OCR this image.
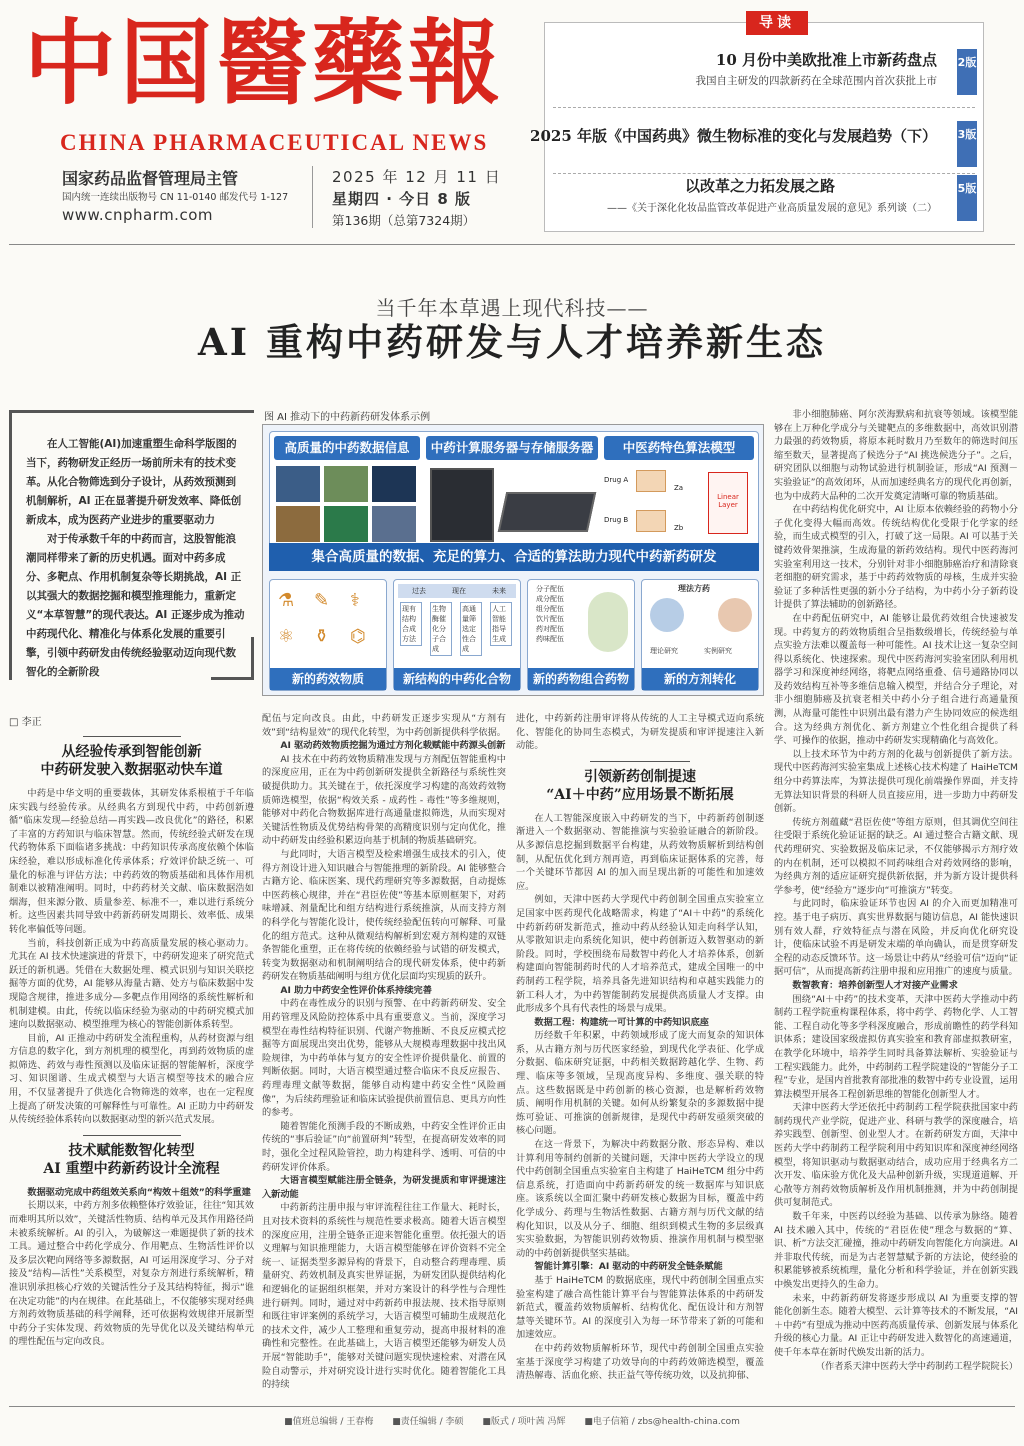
中国醫藥報
CHINA PHARMACEUTICAL NEWS
国家药品监督管理局主管
国内统一连续出版物号 CN 11-0140 邮发代号 1-127
www.cnpharm.com
2025 年 12 月 11 日
星期四 · 今日 8 版
第136期（总第7324期）
导读
10 月份中美欧批准上市新药盘点
我国自主研发的四款新药在全球范围内首次获批上市
2版
2025 年版《中国药典》微生物标准的变化与发展趋势（下） 3版
以改革之力拓发展之路
——《关于深化化妆品监管改革促进产业高质量发展的意见》系列谈（二）
5版
当千年本草遇上现代科技——
AI 重构中药研发与人才培养新生态

在人工智能(AI)加速重塑生命科学版图的当下，药物研发正经历一场前所未有的技术变革。从化合物筛选到分子设计，从药效预测到机制解析，AI 正在显著提升研发效率、降低创新成本，成为医药产业进步的重要驱动力

对于传承数千年的中药而言，这股智能浪潮同样带来了新的历史机遇。面对中药多成分、多靶点、作用机制复杂等长期挑战，AI 正以其强大的数据挖掘和模型推理能力，重新定义“本草智慧”的现代表达。AI 正逐步成为推动中药现代化、精准化与体系化发展的重要引擎，引领中药研发由传统经验驱动迈向现代数智化的全新阶段

□ 李正
图 AI 推动下的中药新药研发体系示例
高质量的中药数据信息	中药计算服务器与存储服务器	中医药特色算法模型
Drug A
Drug B
Za
Zb
Linear Layer
集合高质量的数据、充足的算力、合适的算法助力现代中药新药研发
⚗ ✎ ⚕
⚛ ⚱ ⌬
新的药效物质
过去	现在	未来
现有结构合成方法
生物酶催化分子合成
高通量筛选定性合成
人工智能指导生成
新结构的中药化合物
分子配伍
成分配伍
组分配伍
饮片配伍
药对配伍
药味配伍
新的药物组合药物
理法方药
理论研究	实例研究
新的方剂转化

非小细胞肺癌、阿尔茨海默病和抗衰等领域。该模型能够在上万种化学成分与关键靶点的多维数据中，高效识别潜力最强的药效物质，将原本耗时数月乃至数年的筛选时间压缩至数天，显著提高了候选分子“AI 挑选候选分子”。之后，研究团队以细胞与动物试验进行机制验证，形成“AI 预测－实验验证”的高效闭环，从而加速经典名方的现代化再创新，也为中成药大品种的二次开发奠定清晰可靠的物质基础。

在中药结构优化研究中，AI 让原本依赖经验的药物小分子优化变得大幅而高效。传统结构优化受限于化学家的经验，而生成式模型的引入，打破了这一局限。AI 可以基于关键药效骨架推演，生成海量的新药效结构。现代中医药海河实验室利用这一技术，分别针对非小细胞肺癌治疗和清除衰老细胞的研究需求，基于中药药效物质的母核，生成并实验验证了多种活性更强的新小分子结构，为中药小分子新药设计提供了算法辅助的创新路径。

在中药配伍研究中，AI 能够让最优药效组合快速被发现。中药复方的药效物质组合呈指数级增长，传统经验与单点实验方法难以覆盖每一种可能性。AI 技术让这一复杂空间得以系统化、快速探索。现代中医药海河实验室团队利用机器学习和深度神经网络，将靶点网络重叠、信号通路协同以及药效结构互补等多维信息输入模型，并结合分子理论，对非小细胞肺癌及抗衰老相关中药小分子组合进行高通量预测，从海量可能性中识别出最有潜力产生协同效应的候选组合。这为经典方剂优化、新方剂建立个性化组合提供了科学、可操作的依据，推动中药研发实现精确化与高效化。

以上技术环节为中药方剂的化裁与创新提供了新方法。现代中医药海河实验室集成上述核心技术构建了 HaiHeTCM 组分中药算法库，为算法提供可现化前端操作界面，并支持无算法知识背景的科研人员直接应用，进一步助力中药研发创新。

传统方剂蕴藏“君臣佐使”等组方原则，但其调优空间往往受限于系统化验证证据的缺乏。AI 通过整合古籍文献、现代药理研究、实验数据及临床记录，不仅能够揭示方剂疗效的内在机制，还可以模拟不同药味组合对药效网络的影响，为经典方剂的适应证研究提供新依据，并为新方设计提供科学参考，使“经验方”逐步向“可推演方”转变。

与此同时，临床验证环节也因 AI 的介入而更加精准可控。基于电子病历、真实世界数据与随访信息，AI 能快速识别有效人群，疗效特征点与潜在风险，并反向优化研究设计，使临床试验不再是研发末端的单向确认，而是贯穿研发全程的动态反馈环节。这一场景让中药从“经验可信”迈向“证据可信”，从而提高新药注册申报和应用推广的速度与质量。

数智教育：培养创新型人才对接产业需求

围绕“AI＋中药”的技术变革，天津中医药大学推动中药制药工程学院重构课程体系，将中药学、药物化学、人工智能、工程自动化等多学科深度融合，形成前瞻性的药学科知识体系；建设国家级虚拟仿真实验室和教育部虚拟教研室，在教学化环境中，培养学生同时具备算法解析、实验验证与工程实践能力。此外，中药制药工程学院建设的“智能分子工程”专业，是国内首批教育部批准的数智中药专业设置，运用算法模型开展各工程创新思维的智能化创新型人才。

天津中医药大学还依托中药制药工程学院获批国家中药制药现代产业学院，促进产业、科研与教学的深度融合，培养实践型、创新型、创业型人才。在新药研发方面，天津中医药大学中药制药工程学院利用中药知识库和深度神经网络模型，将知识驱动与数据驱动结合，成功应用于经典名方二次开发、临床验方优化及大品种创新升级，实现道道解、开心散等方剂药效物质解析及作用机制推测，并为中药创制提供可复制范式。

数千年来，中医药以经验为基础、以传承为脉络。随着 AI 技术融入其中，传统的“君臣佐使”理念与数据的“算、识、析”方法交汇碰撞，推动中药研发向智能化方向演进。AI 并非取代传统，而是为古老智慧赋予新的方法论，使经验的积累能够被系统梳理，量化分析和科学验证，并在创新实践中焕发出更持久的生命力。

未来，中药新药研发将逐步形成以 AI 为重要支撑的智能化创新生态。随着大模型、云计算等技术的不断发展，“AI＋中药”有望成为推动中医药高质量传承、创新发展与体系化升级的核心力量。AI 正让中药研发进入数智化的高速通道，使千年本草在新时代焕发出新的活力。

（作者系天津中医药大学中药制药工程学院院长）

从经验传承到智能创新
中药研发驶入数据驱动快车道

中药是中华文明的重要载体，其研发体系根植于千年临床实践与经验传承。从经典名方到现代中药，中药创新遵循“临床发现—经验总结—再实践—改良优化”的路径，积累了丰富的方药知识与临床智慧。然而，传统经验式研发在现代药物体系下面临诸多挑战：中药知识传承高度依赖个体临床经验，难以形成标准化传承体系；疗效评价缺乏统一、可量化的标准与评估方法；中药药效的物质基础和具体作用机制难以被精准阐明。同时，中药药材关文献、临床数据浩如烟海，但来源分散、质量参差、标准不一，难以进行系统分析。这些因素共同导致中药新药研发周期长、效率低、成果转化率偏低等问题。

当前，科技创新正成为中药高质量发展的核心驱动力。尤其在 AI 技术快速演进的背景下，中药研发迎来了研究范式跃迁的新机遇。凭借在大数据处理、模式识别与知识关联挖掘等方面的优势，AI 能够从海量古籍、处方与临床数据中发现隐含规律，推进多成分—多靶点作用网络的系统性解析和机制建模。由此，传统以临床经验为驱动的中药研究模式加速向以数据驱动、模型推理为核心的智能创新体系转型。

目前，AI 正推动中药研发全流程重构，从药材资源与组方信息的数字化，到方剂机理的模型化，再到药效物质的虚拟筛选、药效与毒性预测以及临床证据的智能解析，深度学习、知识图谱、生成式模型与大语言模型等技术的融合应用，不仅显著提升了供选化合物筛选的效率，也在一定程度上提高了研发决策的可解释性与可靠性。AI 正助力中药研发从传统经验体系转向以数据驱动型的新兴范式发展。

技术赋能数智化转型
AI 重塑中药新药设计全流程

数据驱动完成中药组效关系向“构效＋组效”的科学重建

长期以来，中药方剂多依赖整体疗效验证，往往“知其效而难明其所以效”，关键活性物质、结构单元及其作用路径尚未被系统解析。AI 的引入，为破解这一难题提供了新的技术工具。通过整合中药化学成分、作用靶点、生物活性评价以及多层次靶向网络等多源数据，AI 可运用深度学习、分子对接及“结构—活性”关系模型，对复杂方剂进行系统解析，精准识别承担核心疗效的关键活性分子及其结构特征，揭示“谁在决定功能”的内在规律。在此基础上，不仅能够实现对经典方剂药效物质基础的科学阐释，还可依据构效规律开展新型中药分子实体发现、药效物质的先导优化以及关键结构单元的理性配伍与定向改良。

配伍与定向改良。由此，中药研发正逐步实现从“方剂有效”到“结构显效”的现代化转型，为中药创新提供科学依据。

AI 驱动药效物质挖掘为通过方剂化载赋能中药源头创新

AI 技术在中药药效物质精准发现与方剂配伍智能重构中的深度应用，正在为中药创新研发提供全新路径与系统性突破提供助力。其关键在于，依托深度学习构建的高效药效物质筛选模型，依据“构效关系 - 成药性 - 毒性”等多维规则，能够对中药化合物数据库进行高通量虚拟筛选，从而实现对关键活性物质及优势结构骨架的高精度识别与定向优化，推动中药研发由经验积累迈向基于机制的物质基础研究。

与此同时，大语言模型及检索增强生成技术的引入，使得方剂设计进入知识融合与智能推理的新阶段。AI 能够整合古籍方论、临床医案、现代药理研究等多源数据，自动提炼中医药核心规律，并在“君臣佐使”等基本原则框架下，对药味增减、剂量配比和组方结构进行系统推演，从而支持方剂的科学化与智能化设计，使传统经验配伍转向可解释、可量化的组方范式。这种从微观结构解析到宏观方剂构建的双链条智能化重塑，正在将传统的依赖经验与试错的研发模式，转变为数据驱动和机制阐明结合的现代研发体系，使中药新药研发在物质基础阐明与组方优化层面均实现质的跃升。

AI 助力中药安全性评价体系持续完善

中药在毒性成分的识别与预警、在中药新药研发、安全用药管理及风险防控体系中具有重要意义。当前，深度学习模型在毒性结构特征识别、代谢产物推断、不良反应模式挖掘等方面展现出突出优势，能够从大规模毒理数据中找出风险规律，为中药单体与复方的安全性评价提供量化、前置的判断依据。同时，大语言模型通过整合临床不良反应报告、药理毒理文献等数据，能够自动构建中药安全性“风险画像”，为后续药理验证和临床试验提供前置信息、更具方向性的参考。

随着智能化预测手段的不断成熟，中药安全性评价正由传统的“事后验证”向“前置研判”转型，在提高研发效率的同时，强化全过程风险管控，助力构建科学、透明、可信的中药研发评价体系。

大语言模型赋能注册全链条，为研发提质和审评提速注入新动能

中药新药注册申报与审评流程往往工作量大、耗时长，且对技术资料的系统性与规范性要求极高。随着大语言模型的深度应用，注册全链条正迎来智能化重塑。依托强大的语义理解与知识推理能力，大语言模型能够在评价资料不完全统一、证据类型多源异构的背景下，自动整合药理毒理、质量研究、药效机制及真实世界证据，为研发团队提供结构化和逻辑化的证据组织框架，并对方案设计的科学性与合理性进行研判。同时，通过对中药新药申报法规、技术指导原则和既往审评案例的系统学习，大语言模型可辅助生成规范化的技术文件，减少人工整理和重复劳动，提高申报材料的准确性和完整性。在此基础上，大语言模型还能够为研发人员开展“智能助手”，能够对关键问题实现快速检索、对潜在风险自动警示，并对研究设计进行实时优化。随着智能化工具的持续

进化，中药新药注册审评将从传统的人工主导模式迈向系统化、智能化的协同生态模式，为研发提质和审评提速注入新动能。

引领新药创制提速
“AI＋中药”应用场景不断拓展

在人工智能深度嵌入中药研发的当下，中药新药创制逐渐进入一个数据驱动、智能推演与实验验证融合的新阶段。从多源信息挖掘到数据平台构建，从药效物质解析到结构创制，从配伍优化到方剂再造，再到临床证据体系的完善，每一个关键环节都因 AI 的加入而呈现出新的可能性和加速效应。

例如，天津中医药大学现代中药创制全国重点实验室立足国家中医药现代化战略需求，构建了“AI＋中药”的系统化中药新药研发新范式，推动中药从经验认知走向科学认知，从零散知识走向系统化知识，使中药创新迈入数智驱动的新阶段。同时，学校围绕布局数智中药化人才培养体系，创新构建面向智能制药时代的人才培养范式，建成全国唯一的中药制药工程学院，培养具备先进知识结构和卓越实践能力的新工科人才，为中药智能制药发展提供高质量人才支撑。由此形成多个具有代表性的场景与成果。

数据工程：构建统一可计算的中药知识底座

历经数千年积累，中药领域形成了庞大而复杂的知识体系，从古籍方剂与历代医家经验，到现代化学表征、化学成分数据、临床研究证据，中药相关数据跨越化学、生物、药理、临床等多领域，呈现高度异构、多维度、强关联的特点。这些数据既是中药创新的核心资源，也是解析药效物质、阐明作用机制的关键。如何从纷繁复杂的多源数据中提炼可验证、可推演的创新规律，是现代中药研发亟须突破的核心问题。

在这一背景下，为解决中药数据分散、形态异构、难以计算利用等制约创新的关键问题，天津中医药大学设立的现代中药创制全国重点实验室自主构建了 HaiHeTCM 组分中药信息系统，打造面向中药新药研发的统一数据库与知识底座。该系统以全面汇聚中药研发核心数据为目标，覆盖中药化学成分、药理与生物活性数据、古籍方剂与历代文献的结构化知识，以及从分子、细胞、组织到模式生物的多层级真实实验数据，为智能识别药效物质、推演作用机制与模型驱动的中药创新提供坚实基础。

智能计算引擎：AI 驱动的中药研发全链条赋能

基于 HaiHeTCM 的数据底座，现代中药创制全国重点实验室构建了融合高性能计算平台与智能算法体系的中药研发新范式，覆盖药效物质解析、结构优化、配伍设计和方剂智慧等关键环节。AI 的深度引入为每一环节带来了新的可能和加速效应。

在中药药效物质解析环节，现代中药创制全国重点实验室基于深度学习构建了功效导向的中药药效筛选模型，覆盖清热解毒、活血化瘀、扶正益气等传统功效，以及抗抑郁、

■值班总编辑 / 王春梅 ■责任编辑 / 李硕 ■版式 / 项叶茜 冯辉 ■电子信箱 / zbs@health-china.com
